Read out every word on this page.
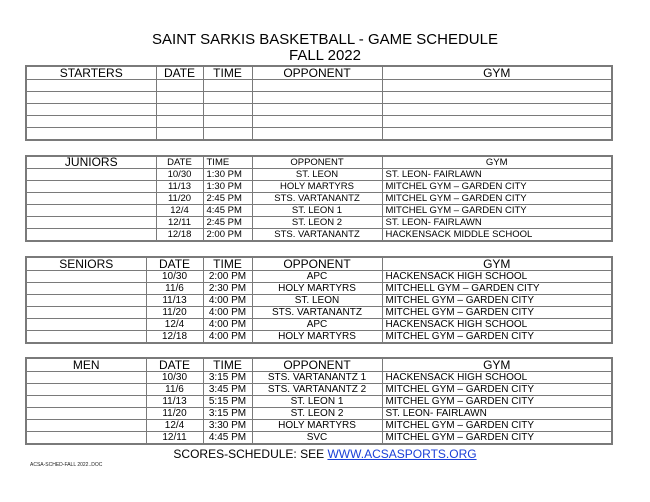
SAINT SARKIS BASKETBALL - GAME SCHEDULE
FALL 2022
STARTERS	DATE	TIME	OPPONENT	GYM

JUNIORS	DATE	TIME	OPPONENT	GYM
	10/30	1:30 PM	ST. LEON	ST. LEON- FAIRLAWN
	11/13	1:30 PM	HOLY MARTYRS	MITCHEL GYM – GARDEN CITY
	11/20	2:45 PM	STS. VARTANANTZ	MITCHEL GYM – GARDEN CITY
	12/4	4:45 PM	ST. LEON 1	MITCHEL GYM – GARDEN CITY
	12/11	2:45 PM	ST. LEON 2	ST. LEON- FAIRLAWN
	12/18	2:00 PM	STS. VARTANANTZ	HACKENSACK MIDDLE SCHOOL
SENIORS	DATE	TIME	OPPONENT	GYM
	10/30	2:00 PM	APC	HACKENSACK HIGH SCHOOL
	11/6	2:30 PM	HOLY MARTYRS	MITCHELL GYM – GARDEN CITY
	11/13	4:00 PM	ST. LEON	MITCHEL GYM – GARDEN CITY
	11/20	4:00 PM	STS. VARTANANTZ	MITCHEL GYM – GARDEN CITY
	12/4	4:00 PM	APC	HACKENSACK HIGH SCHOOL
	12/18	4:00 PM	HOLY MARTYRS	MITCHEL GYM – GARDEN CITY
MEN	DATE	TIME	OPPONENT	GYM
	10/30	3:15 PM	STS. VARTANANTZ 1	HACKENSACK HIGH SCHOOL
	11/6	3:45 PM	STS. VARTANANTZ 2	MITCHEL GYM – GARDEN CITY
	11/13	5:15 PM	ST. LEON 1	MITCHEL GYM – GARDEN CITY
	11/20	3:15 PM	ST. LEON 2	ST. LEON- FAIRLAWN
	12/4	3:30 PM	HOLY MARTYRS	MITCHEL GYM – GARDEN CITY
	12/11	4:45 PM	SVC	MITCHEL GYM – GARDEN CITY
SCORES-SCHEDULE: SEE WWW.ACSASPORTS.ORG
ACSA-SCHED-FALL 2022..DOC
